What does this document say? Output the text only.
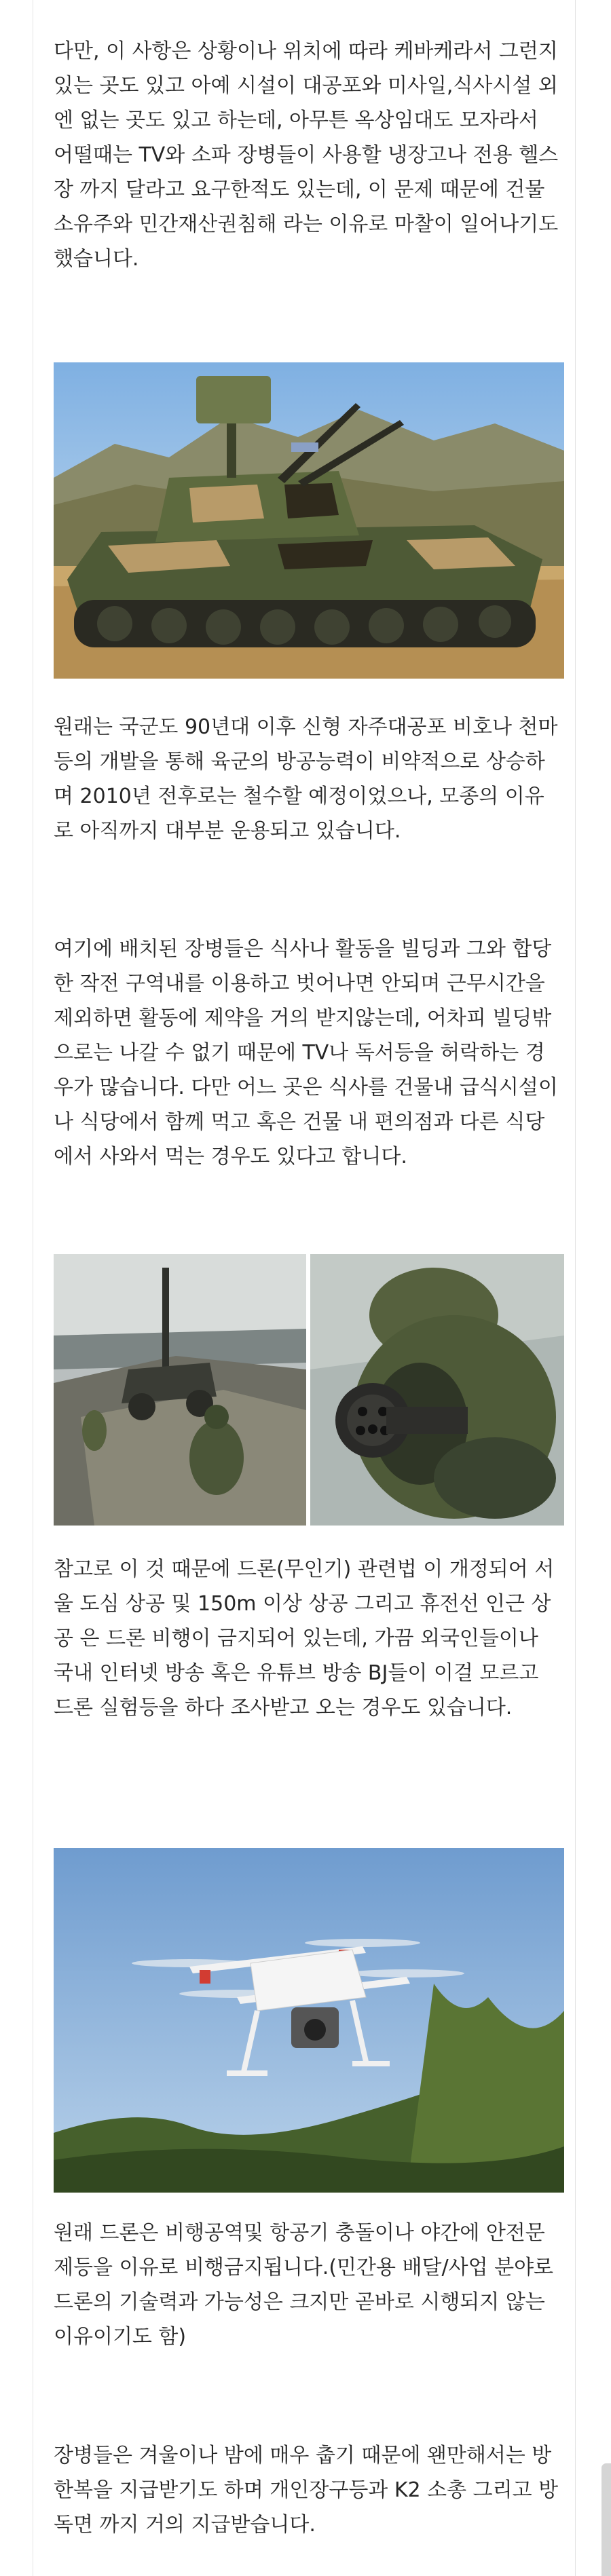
다만, 이 사항은 상황이나 위치에 따라 케바케라서 그런지 있는 곳도 있고 아예 시설이 대공포와 미사일,식사시설 외엔 없는 곳도 있고 하는데, 아무튼 옥상임대도 모자라서 어떨때는 TV와 소파 장병들이 사용할 냉장고나 전용 헬스장 까지 달라고 요구한적도 있는데, 이 문제 때문에 건물소유주와 민간재산권침해 라는 이유로 마찰이 일어나기도 했습니다.

원래는 국군도 90년대 이후 신형 자주대공포 비호나 천마 등의 개발을 통해 육군의 방공능력이 비약적으로 상승하며 2010년 전후로는 철수할 예정이었으나, 모종의 이유로 아직까지 대부분 운용되고 있습니다.

여기에 배치된 장병들은 식사나 활동을 빌딩과 그와 합당한 작전 구역내를 이용하고 벗어나면 안되며 근무시간을 제외하면 활동에 제약을 거의 받지않는데, 어차피 빌딩밖으로는 나갈 수 없기 때문에 TV나 독서등을 허락하는 경우가 많습니다. 다만 어느 곳은 식사를 건물내 급식시설이나 식당에서 함께 먹고 혹은 건물 내 편의점과 다른 식당에서 사와서 먹는 경우도 있다고 합니다.

참고로 이 것 때문에 드론(무인기) 관련법 이 개정되어 서울 도심 상공 및 150m 이상 상공 그리고 휴전선 인근 상공 은 드론 비행이 금지되어 있는데, 가끔 외국인들이나 국내 인터넷 방송 혹은 유튜브 방송 BJ들이 이걸 모르고 드론 실험등을 하다 조사받고 오는 경우도 있습니다.

원래 드론은 비행공역및 항공기 충돌이나 야간에 안전문제등을 이유로 비행금지됩니다.(민간용 배달/사업 분야로 드론의 기술력과 가능성은 크지만 곧바로 시행되지 않는 이유이기도 함)

장병들은 겨울이나 밤에 매우 춥기 때문에 왠만해서는 방한복을 지급받기도 하며 개인장구등과 K2 소총 그리고 방독면 까지 거의 지급받습니다.
